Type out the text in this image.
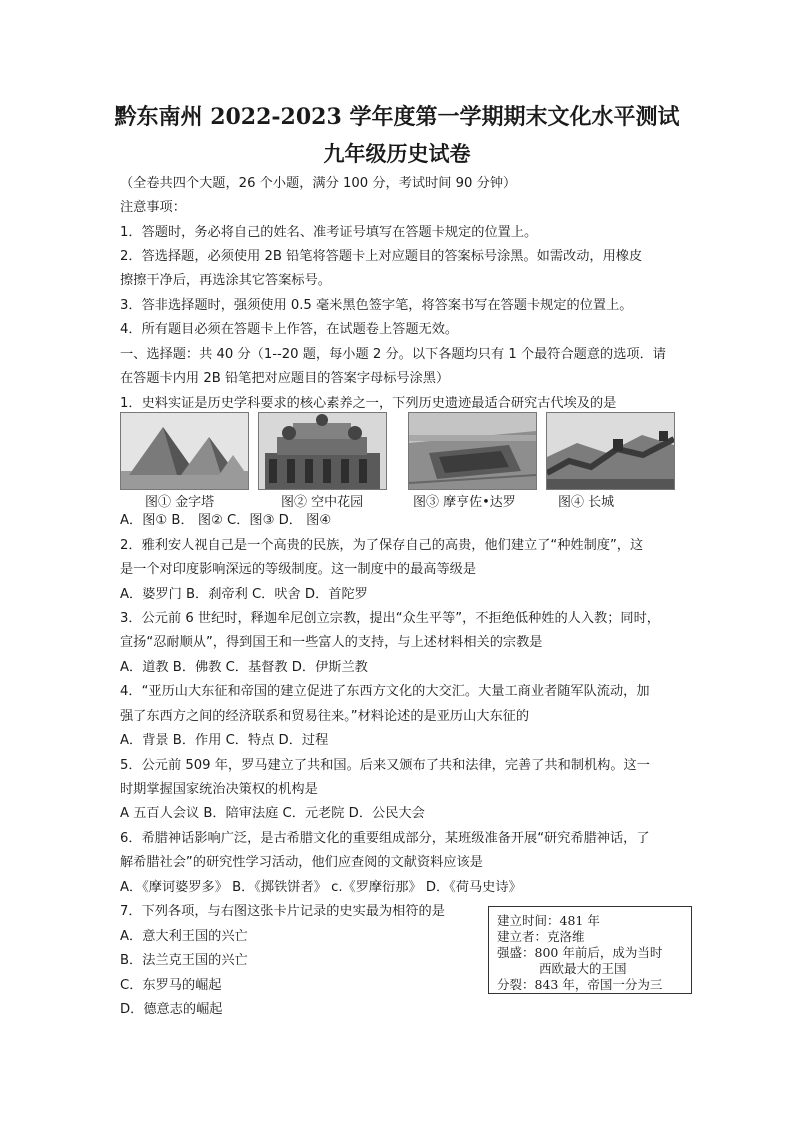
黔东南州 2022-2023 学年度第一学期期末文化水平测试
九年级历史试卷
（全卷共四个大题，26 个小题，满分 100 分，考试时间 90 分钟）
注意事项：
1．答题时，务必将自己的姓名、准考证号填写在答题卡规定的位置上。
2．答选择题，必须使用 2B 铅笔将答题卡上对应题目的答案标号涂黑。如需改动，用橡皮
擦擦干净后，再选涂其它答案标号。
3．答非选择题时，强须使用 0.5 毫米黑色签字笔，将答案书写在答题卡规定的位置上。
4．所有题目必须在答题卡上作答，在试题卷上答题无效。
一、选择题：共 40 分（1--20 题，每小题 2 分。以下各题均只有 1 个最符合题意的选项．请
在答题卡内用 2B 铅笔把对应题目的答案字母标号涂黑）
1．史料实证是历史学科要求的核心素养之一，下列历史遗迹最适合研究古代埃及的是
图① 金字塔	图② 空中花园	图③ 摩亨佐•达罗	图④ 长城
A．图① B． 图② C．图③ D． 图④
2．雅利安人视自己是一个高贵的民族，为了保存自己的高贵，他们建立了“种姓制度”，这
是一个对印度影响深远的等级制度。这一制度中的最高等级是
A．婆罗门 B．刹帝利 C．吠舍 D．首陀罗
3．公元前 6 世纪时，释迦牟尼创立宗教，提出“众生平等”，不拒绝低种姓的人入教；同时，
宣扬“忍耐顺从”，得到国王和一些富人的支持，与上述材料相关的宗教是
A．道教 B．佛教 C．基督教 D．伊斯兰教
4．“亚历山大东征和帝国的建立促进了东西方文化的大交汇。大量工商业者随军队流动，加
强了东西方之间的经济联系和贸易往来。”材料论述的是亚历山大东征的
A．背景 B．作用 C．特点 D．过程
5．公元前 509 年，罗马建立了共和国。后来又颁布了共和法律，完善了共和制机构。这一
时期掌握国家统治决策权的机构是
A 五百人会议 B．陪审法庭 C．元老院 D．公民大会
6．希腊神话影响广泛，是古希腊文化的重要组成部分，某班级准备开展“研究希腊神话，了
解希腊社会”的研究性学习活动，他们应查阅的文献资料应该是
A．《摩诃婆罗多》 B．《掷铁饼者》 c.《罗摩衍那》 D．《荷马史诗》
7．下列各项，与右图这张卡片记录的史实最为相符的是
A．意大利王国的兴亡
B．法兰克王国的兴亡
C．东罗马的崛起
D．德意志的崛起
建立时间：481 年
建立者：克洛维
强盛：800 年前后，成为当时
西欧最大的王国
分裂：843 年，帝国一分为三
